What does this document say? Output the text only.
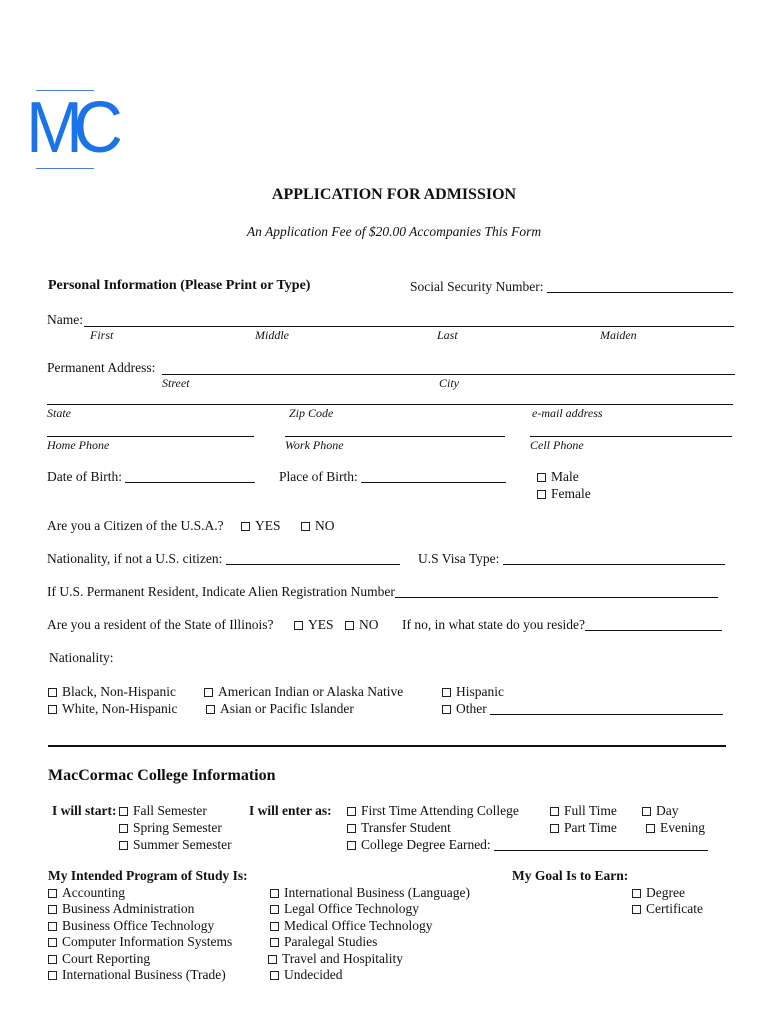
MC
APPLICATION FOR ADMISSION
An Application Fee of $20.00 Accompanies This Form
Personal Information (Please Print or Type)	Social Security Number:
Name:
First	Middle	Last	Maiden
Permanent Address:
Street	City
State	Zip Code	e-mail address
Home Phone	Work Phone	Cell Phone
Date of Birth:	Place of Birth:	Male
Female
Are you a Citizen of the U.S.A.?	YES	NO
Nationality, if not a U.S. citizen:	U.S Visa Type:
If U.S. Permanent Resident, Indicate Alien Registration Number
Are you a resident of the State of Illinois?	YES	NO If no, in what state do you reside?
Nationality:
Black, Non-Hispanic
White, Non-Hispanic
American Indian or Alaska Native
Asian or Pacific Islander
Hispanic
Other
MacCormac College Information
I will start:	Fall Semester
Spring Semester
Summer Semester
I will enter as:	First Time Attending College
Transfer Student
College Degree Earned:
Full Time
Part Time
Day
Evening
My Intended Program of Study Is:	My Goal Is to Earn:
Accounting
Business Administration
Business Office Technology
Computer Information Systems
Court Reporting
International Business (Trade)
International Business (Language)
Legal Office Technology
Medical Office Technology
Paralegal Studies
Travel and Hospitality
Undecided
Degree
Certificate
